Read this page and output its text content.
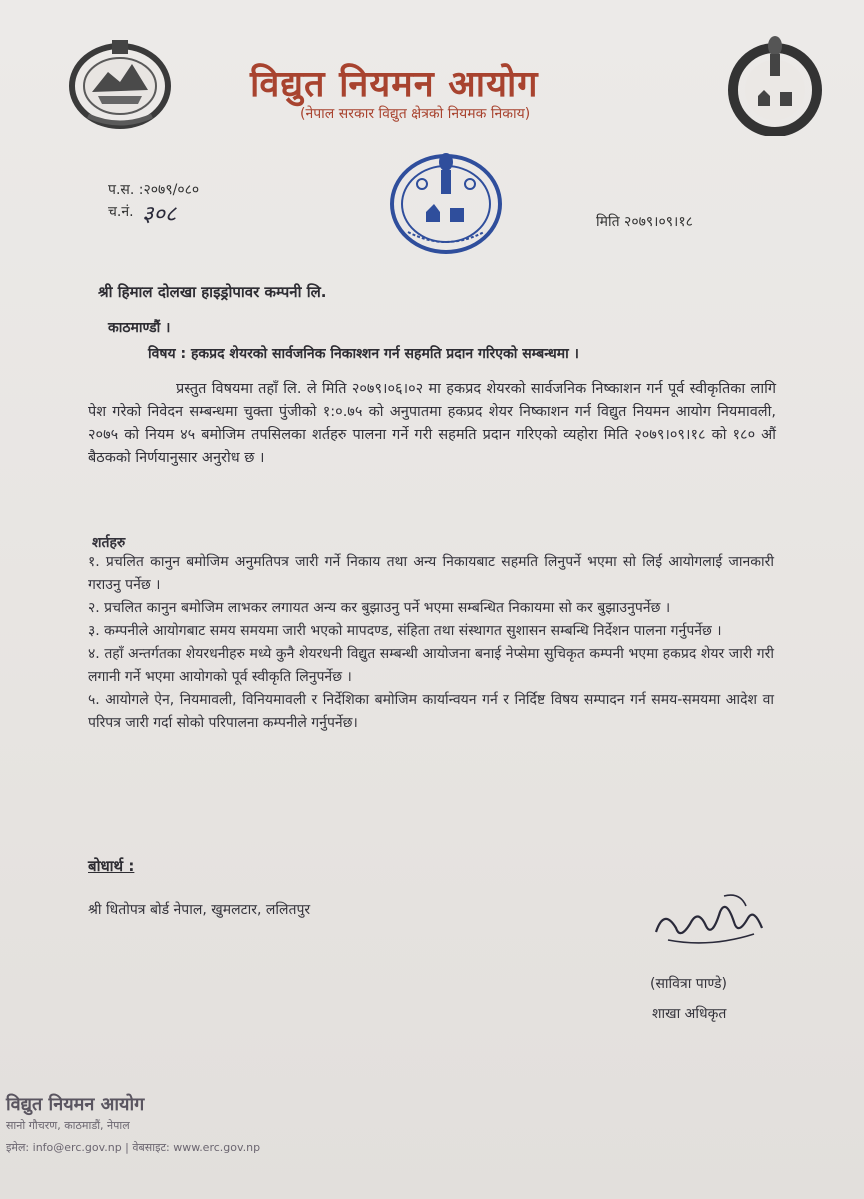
विद्युत नियमन आयोग
(नेपाल सरकार विद्युत क्षेत्रको नियमक निकाय)
प.स. :२०७९/०८०
च.नं. ३०८	मिति २०७९।०९।१८
श्री हिमाल दोलखा हाइड्रोपावर कम्पनी लि.
काठमाण्डौं ।
विषय : हकप्रद शेयरको सार्वजनिक निकाश्शन गर्न सहमति प्रदान गरिएको सम्बन्धमा ।
प्रस्तुत विषयमा तहाँ लि. ले मिति २०७९।०६।०२ मा हकप्रद शेयरको सार्वजनिक निष्काशन गर्न पूर्व स्वीकृतिका लागि पेश गरेको निवेदन सम्बन्धमा चुक्ता पुंजीको १:०.७५ को अनुपातमा हकप्रद शेयर निष्काशन गर्न विद्युत नियमन आयोग नियमावली, २०७५ को नियम ४५ बमोजिम तपसिलका शर्तहरु पालना गर्ने गरी सहमति प्रदान गरिएको व्यहोरा मिति २०७९।०९।१८ को १८० औं बैठकको निर्णयानुसार अनुरोध छ ।
शर्तहरु

१. प्रचलित कानुन बमोजिम अनुमतिपत्र जारी गर्ने निकाय तथा अन्य निकायबाट सहमति लिनुपर्ने भएमा सो लिई आयोगलाई जानकारी गराउनु पर्नेछ ।

२. प्रचलित कानुन बमोजिम लाभकर लगायत अन्य कर बुझाउनु पर्ने भएमा सम्बन्धित निकायमा सो कर बुझाउनुपर्नेछ ।

३. कम्पनीले आयोगबाट समय समयमा जारी भएको मापदण्ड, संहिता तथा संस्थागत सुशासन सम्बन्धि निर्देशन पालना गर्नुपर्नेछ ।

४. तहाँ अन्तर्गतका शेयरधनीहरु मध्ये कुनै शेयरधनी विद्युत सम्बन्धी आयोजना बनाई नेप्सेमा सुचिकृत कम्पनी भएमा हकप्रद शेयर जारी गरी लगानी गर्ने भएमा आयोगको पूर्व स्वीकृति लिनुपर्नेछ ।

५. आयोगले ऐन, नियमावली, विनियमावली र निर्देशिका बमोजिम कार्यान्वयन गर्न र निर्दिष्ट विषय सम्पादन गर्न समय-समयमा आदेश वा परिपत्र जारी गर्दा सोको परिपालना कम्पनीले गर्नुपर्नेछ।

बोधार्थ :
श्री धितोपत्र बोर्ड नेपाल, खुमलटार, ललितपुर
(सावित्रा पाण्डे)
शाखा अधिकृत
विद्युत नियमन आयोग
सानो गौचरण, काठमाडौं, नेपाल
इमेल: info@erc.gov.np | वेबसाइट: www.erc.gov.np
